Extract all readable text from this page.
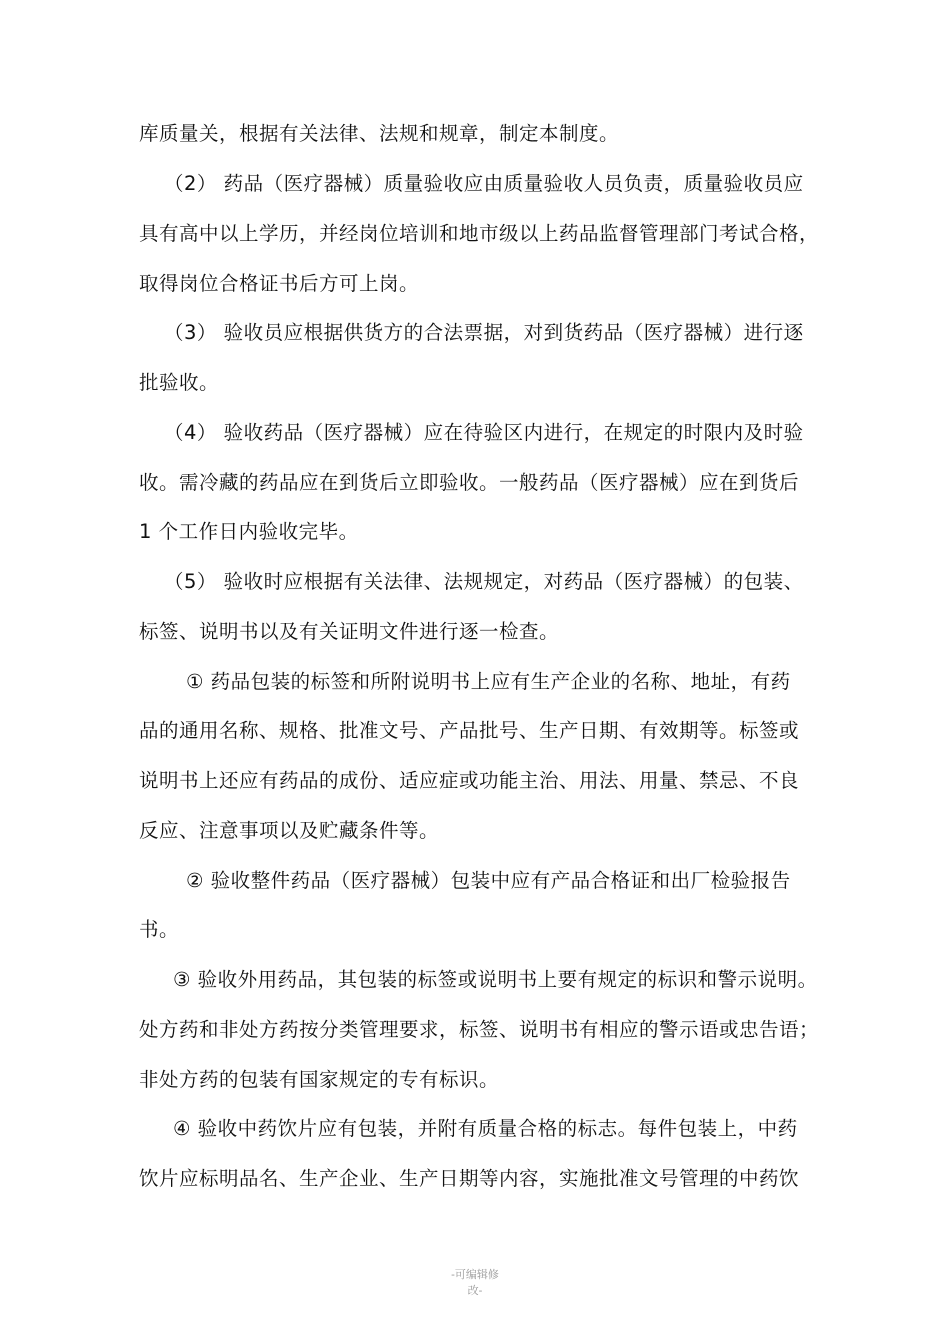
库质量关，根据有关法律、法规和规章，制定本制度。
（2） 药品（医疗器械）质量验收应由质量验收人员负责，质量验收员应
具有高中以上学历，并经岗位培训和地市级以上药品监督管理部门考试合格，
取得岗位合格证书后方可上岗。
（3） 验收员应根据供货方的合法票据，对到货药品（医疗器械）进行逐
批验收。
（4） 验收药品（医疗器械）应在待验区内进行，在规定的时限内及时验
收。需冷藏的药品应在到货后立即验收。一般药品（医疗器械）应在到货后
1 个工作日内验收完毕。
（5） 验收时应根据有关法律、法规规定，对药品（医疗器械）的包装、
标签、说明书以及有关证明文件进行逐一检查。
① 药品包装的标签和所附说明书上应有生产企业的名称、地址，有药
品的通用名称、规格、批准文号、产品批号、生产日期、有效期等。标签或
说明书上还应有药品的成份、适应症或功能主治、用法、用量、禁忌、不良
反应、注意事项以及贮藏条件等。
② 验收整件药品（医疗器械）包装中应有产品合格证和出厂检验报告
书。
③ 验收外用药品，其包装的标签或说明书上要有规定的标识和警示说明。
处方药和非处方药按分类管理要求，标签、说明书有相应的警示语或忠告语；
非处方药的包装有国家规定的专有标识。
④ 验收中药饮片应有包装，并附有质量合格的标志。每件包装上，中药
饮片应标明品名、生产企业、生产日期等内容，实施批准文号管理的中药饮
-可编辑修
改-
